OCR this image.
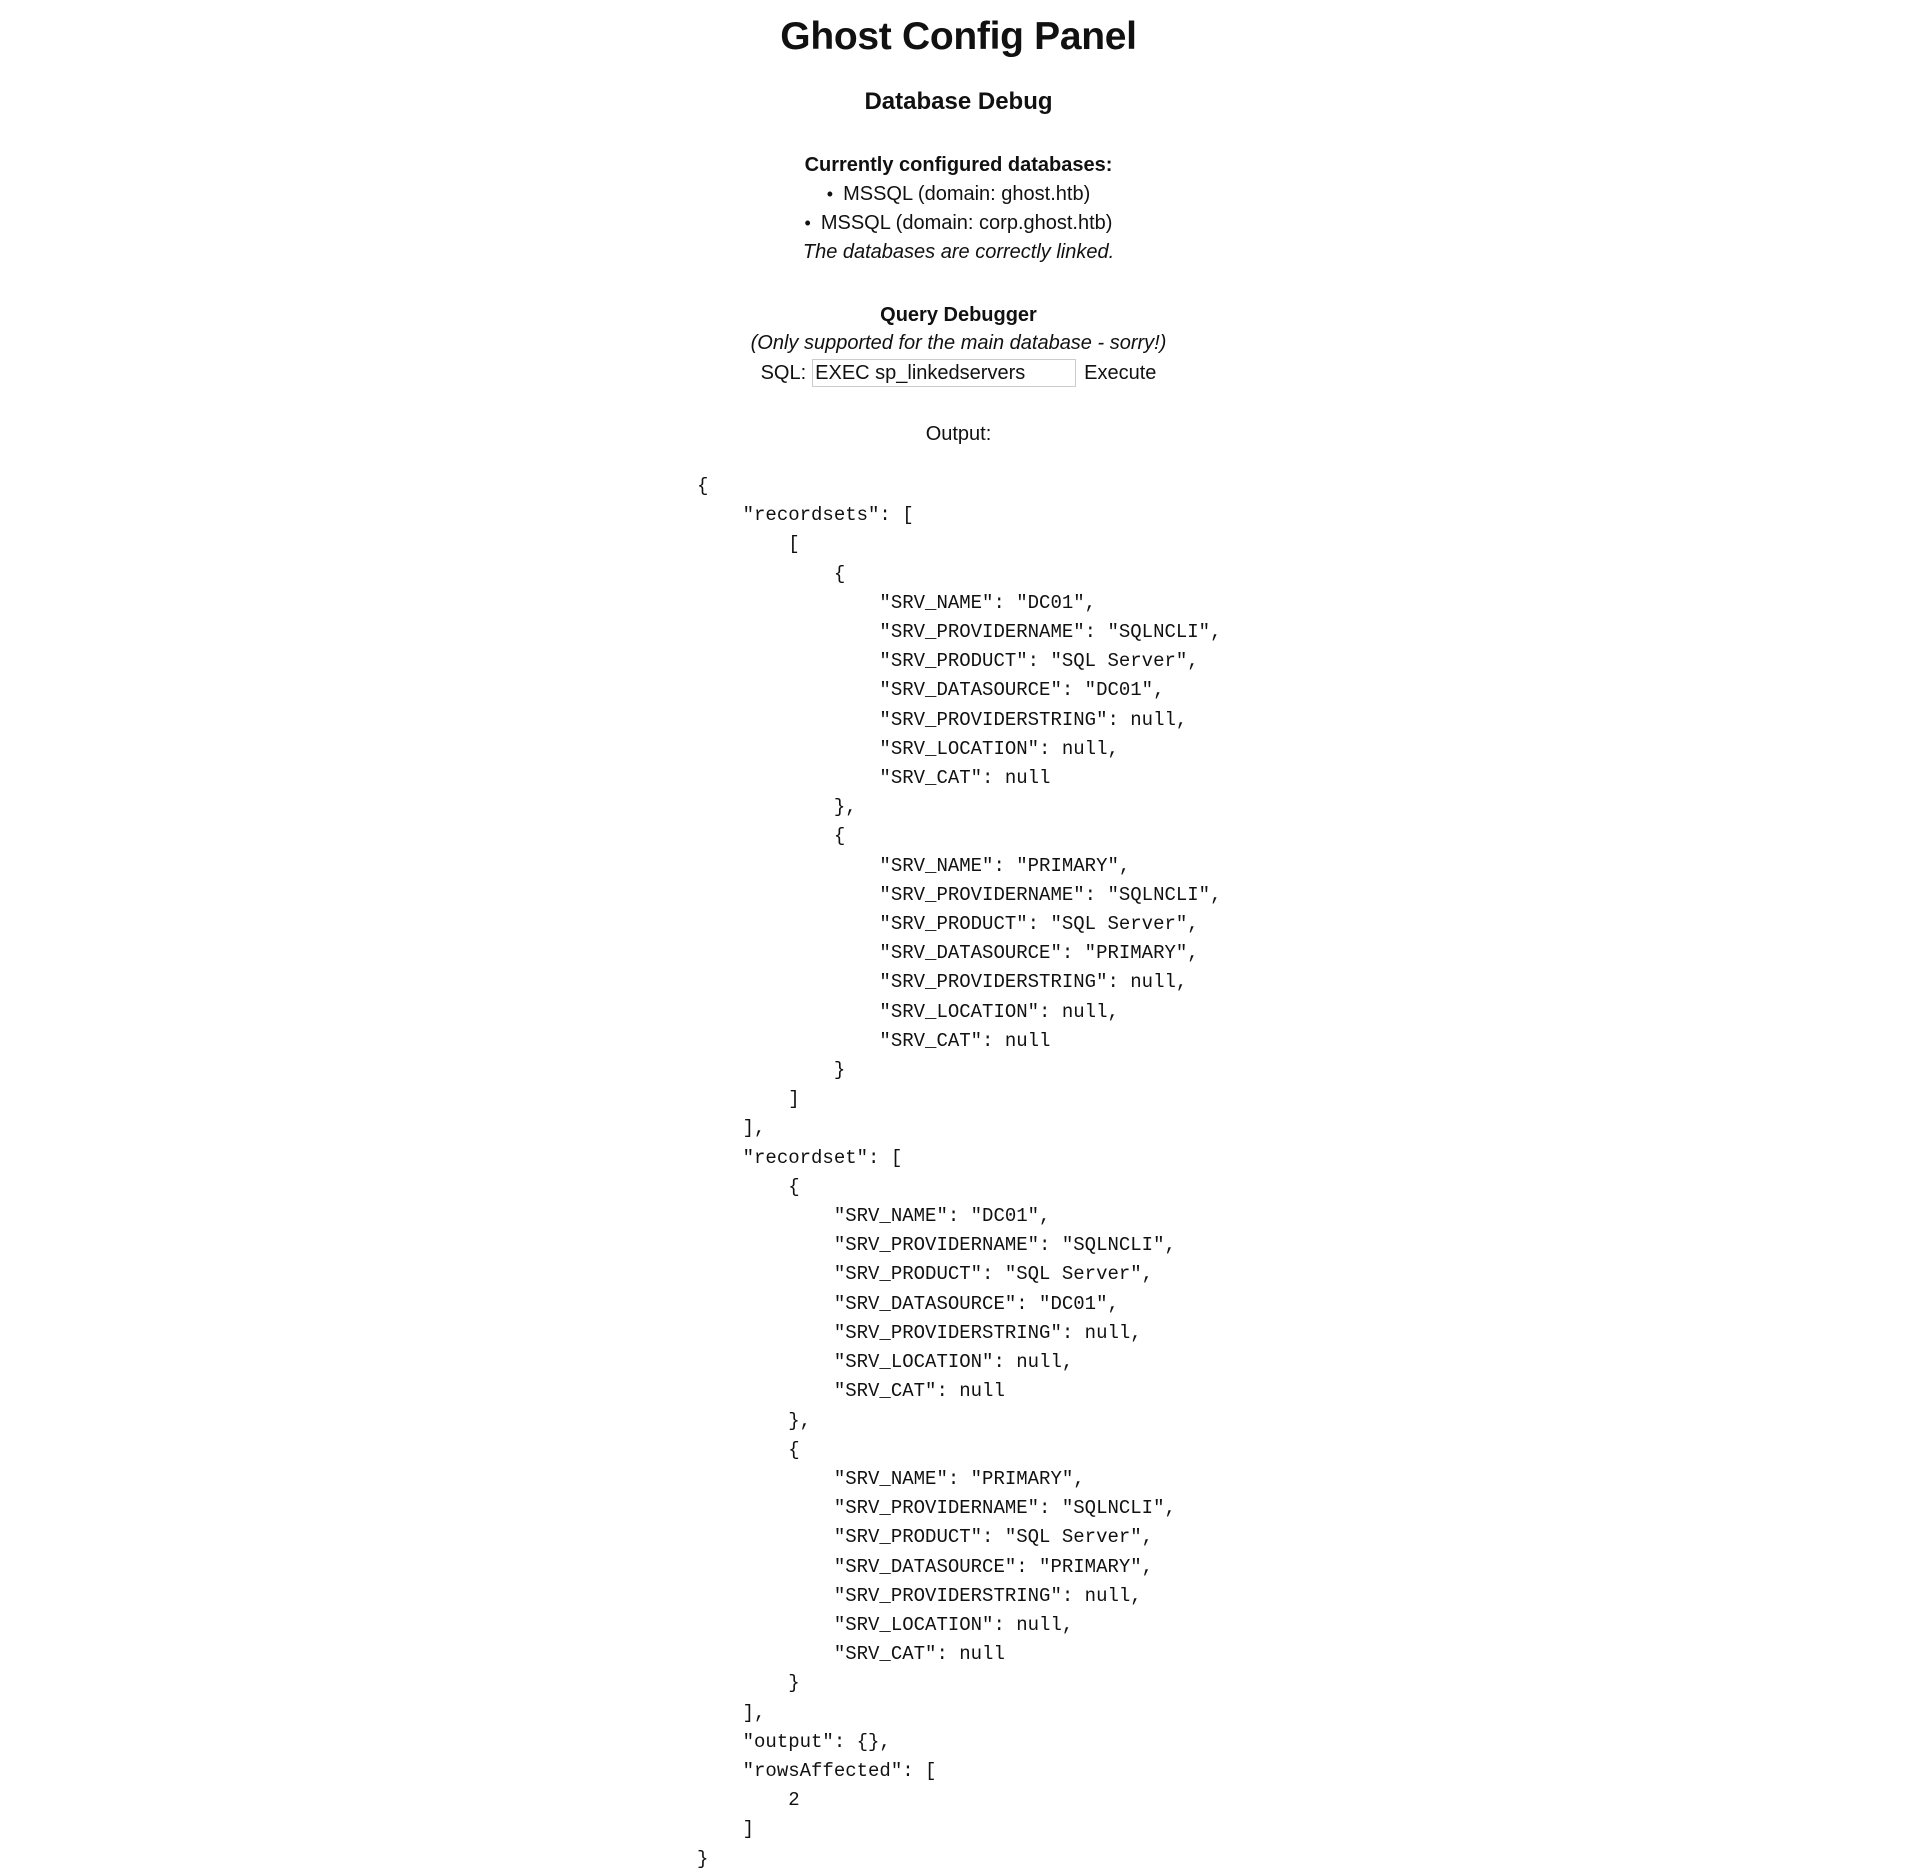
Ghost Config Panel
Database Debug
Currently configured databases:
• MSSQL (domain: ghost.htb)
• MSSQL (domain: corp.ghost.htb)
The databases are correctly linked.
Query Debugger
(Only supported for the main database - sorry!)
SQL:
EXEC sp_linkedservers	Execute
Output:
{
"recordsets": [
[
{
"SRV_NAME": "DC01",
"SRV_PROVIDERNAME": "SQLNCLI",
"SRV_PRODUCT": "SQL Server",
"SRV_DATASOURCE": "DC01",
"SRV_PROVIDERSTRING": null,
"SRV_LOCATION": null,
"SRV_CAT": null
},
{
"SRV_NAME": "PRIMARY",
"SRV_PROVIDERNAME": "SQLNCLI",
"SRV_PRODUCT": "SQL Server",
"SRV_DATASOURCE": "PRIMARY",
"SRV_PROVIDERSTRING": null,
"SRV_LOCATION": null,
"SRV_CAT": null
}
]
],
"recordset": [
{
"SRV_NAME": "DC01",
"SRV_PROVIDERNAME": "SQLNCLI",
"SRV_PRODUCT": "SQL Server",
"SRV_DATASOURCE": "DC01",
"SRV_PROVIDERSTRING": null,
"SRV_LOCATION": null,
"SRV_CAT": null
},
{
"SRV_NAME": "PRIMARY",
"SRV_PROVIDERNAME": "SQLNCLI",
"SRV_PRODUCT": "SQL Server",
"SRV_DATASOURCE": "PRIMARY",
"SRV_PROVIDERSTRING": null,
"SRV_LOCATION": null,
"SRV_CAT": null
}
],
"output": {},
"rowsAffected": [
2
]
}
